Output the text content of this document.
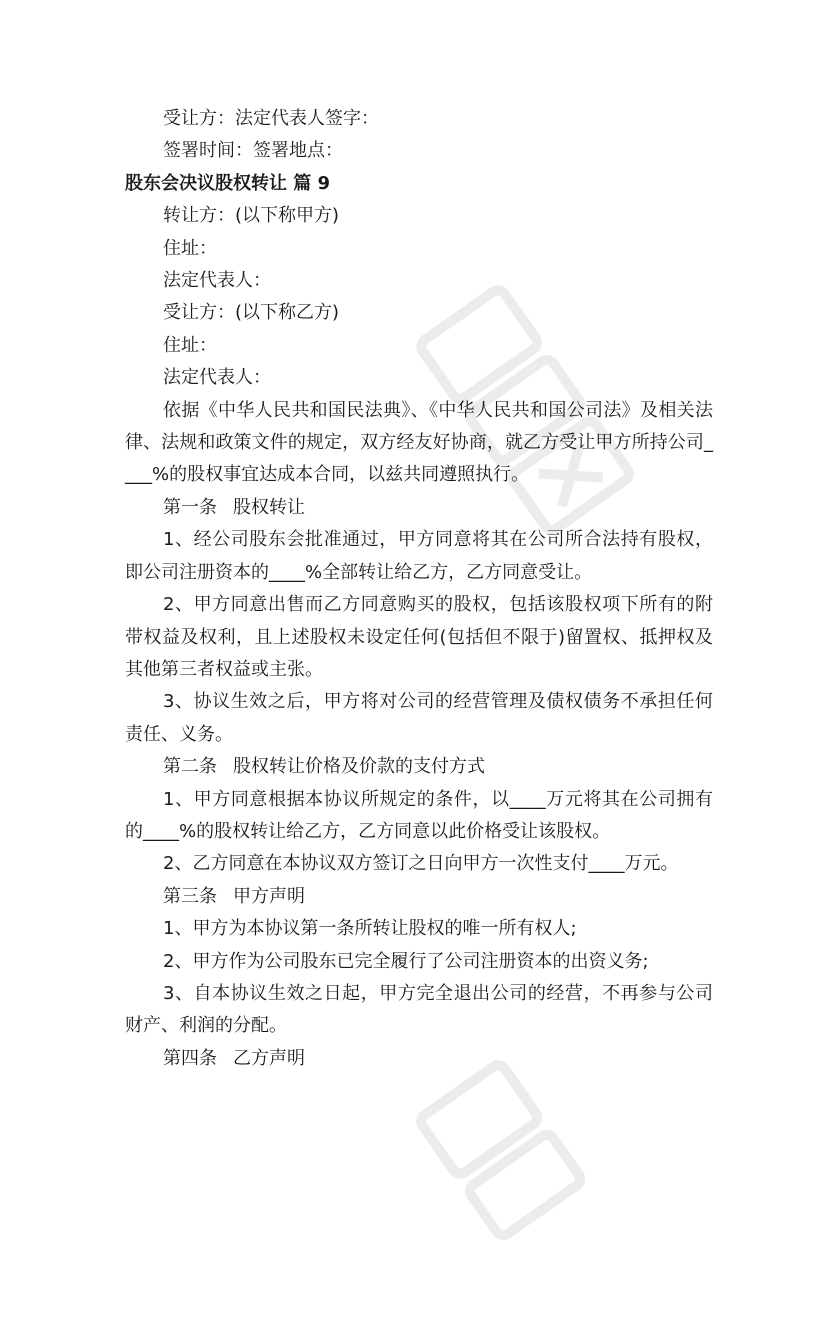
受让方：法定代表人签字：

签署时间：签署地点：

股东会决议股权转让 篇 9

转让方：(以下称甲方)

住址：

法定代表人：

受让方：(以下称乙方)

住址：

法定代表人：

依据《中华人民共和国民法典》、《中华人民共和国公司法》及相关法律、法规和政策文件的规定，双方经友好协商，就乙方受让甲方所持公司____%的股权事宜达成本合同，以兹共同遵照执行。

第一条 股权转让

1、经公司股东会批准通过，甲方同意将其在公司所合法持有股权，即公司注册资本的____%全部转让给乙方，乙方同意受让。

2、甲方同意出售而乙方同意购买的股权，包括该股权项下所有的附带权益及权利，且上述股权未设定任何(包括但不限于)留置权、抵押权及其他第三者权益或主张。

3、协议生效之后，甲方将对公司的经营管理及债权债务不承担任何责任、义务。

第二条 股权转让价格及价款的支付方式

1、甲方同意根据本协议所规定的条件，以____万元将其在公司拥有的____%的股权转让给乙方，乙方同意以此价格受让该股权。

2、乙方同意在本协议双方签订之日向甲方一次性支付____万元。

第三条 甲方声明

1、甲方为本协议第一条所转让股权的唯一所有权人;

2、甲方作为公司股东已完全履行了公司注册资本的出资义务;

3、自本协议生效之日起，甲方完全退出公司的经营，不再参与公司财产、利润的分配。

第四条 乙方声明
